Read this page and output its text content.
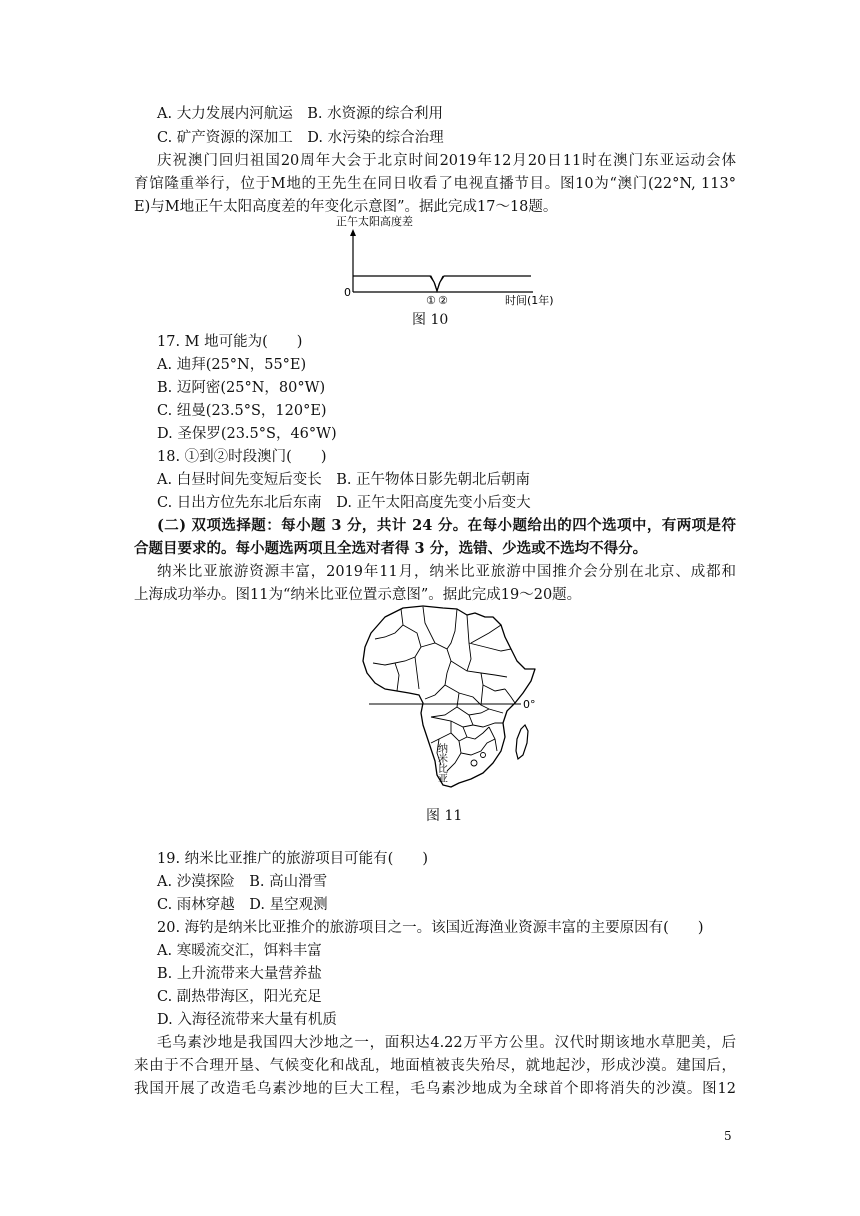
A. 大力发展内河航运　B. 水资源的综合利用
C. 矿产资源的深加工　D. 水污染的综合治理
庆祝澳门回归祖国20周年大会于北京时间2019年12月20日11时在澳门东亚运动会体
育馆隆重举行，位于M地的王先生在同日收看了电视直播节目。图10为“澳门(22°N, 113°
E)与M地正午太阳高度差的年变化示意图”。据此完成17～18题。
正午太阳高度差
0
① ②	时间(1年)
图 10
17. M 地可能为(　　)
A. 迪拜(25°N，55°E)
B. 迈阿密(25°N，80°W)
C. 纽曼(23.5°S，120°E)
D. 圣保罗(23.5°S，46°W)
18. ①到②时段澳门(　　)
A. 白昼时间先变短后变长　B. 正午物体日影先朝北后朝南
C. 日出方位先东北后东南　D. 正午太阳高度先变小后变大
(二) 双项选择题：每小题 3 分，共计 24 分。在每小题给出的四个选项中，有两项是符
合题目要求的。每小题选两项且全选对者得 3 分，选错、少选或不选均不得分。
纳米比亚旅游资源丰富，2019年11月，纳米比亚旅游中国推介会分别在北京、成都和
上海成功举办。图11为“纳米比亚位置示意图”。据此完成19～20题。
0°
纳米比亚
图 11
19. 纳米比亚推广的旅游项目可能有(　　)
A. 沙漠探险　B. 高山滑雪
C. 雨林穿越　D. 星空观测
20. 海钓是纳米比亚推介的旅游项目之一。该国近海渔业资源丰富的主要原因有(　　)
A. 寒暖流交汇，饵料丰富
B. 上升流带来大量营养盐
C. 副热带海区，阳光充足
D. 入海径流带来大量有机质
毛乌素沙地是我国四大沙地之一，面积达4.22万平方公里。汉代时期该地水草肥美，后
来由于不合理开垦、气候变化和战乱，地面植被丧失殆尽，就地起沙，形成沙漠。建国后，
我国开展了改造毛乌素沙地的巨大工程，毛乌素沙地成为全球首个即将消失的沙漠。图12
5
